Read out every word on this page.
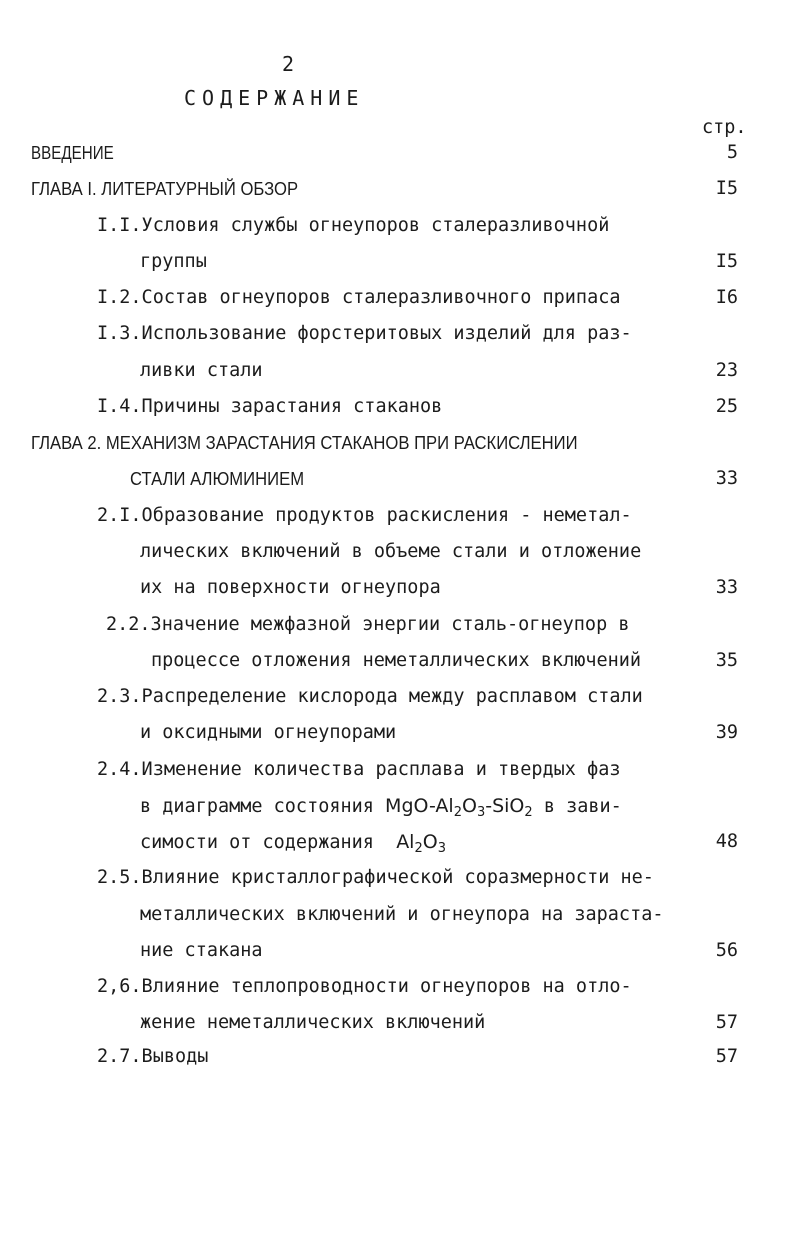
2
СОДЕРЖАНИЕ
стр.
ВВЕДЕНИЕ	5
ГЛАВА I. ЛИТЕРАТУРНЫЙ ОБЗОР	I5
I.I.Условия службы огнеупоров сталеразливочной
группы	I5
I.2.Состав огнеупоров сталеразливочного припаса	I6
I.3.Использование форстеритовых изделий для раз-
ливки стали	23
I.4.Причины зарастания стаканов	25
ГЛАВА 2. МЕХАНИЗМ ЗАРАСТАНИЯ СТАКАНОВ ПРИ РАСКИСЛЕНИИ
СТАЛИ АЛЮМИНИЕМ	33
2.I.Образование продуктов раскисления - неметал-
лических включений в объеме стали и отложение
их на поверхности огнеупора	33
2.2.Значение межфазной энергии сталь-огнеупор в
процессе отложения неметаллических включений	35
2.3.Распределение кислорода между расплавом стали
и оксидными огнеупорами	39
2.4.Изменение количества расплава и твердых фаз
в диаграмме состояния MgO-$Al_2O_3-SiO_2$ в зави-
симости от содержания $Al_2O_3$	48
2.5.Влияние кристаллографической соразмерности не-
металлических включений и огнеупора на зараста-
ние стакана	56
2,6.Влияние теплопроводности огнеупоров на отло-
жение неметаллических включений	57
2.7.Выводы	57
